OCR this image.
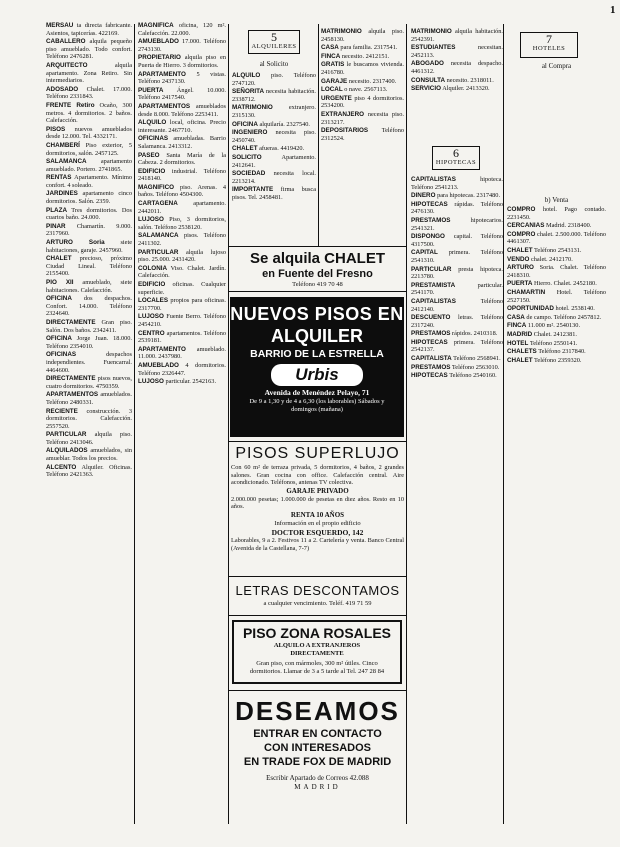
1

MERSAU ta directa fabricante. Asientos, tapicerías. 422169.

CABALLERO alquila pequeño piso amueblado. Todo confort. Teléfono 2476281.

ARQUITECTO	alquila apartamento. Zona Retiro. Sin intermediarios.

ADOSADO Chalet. 17.000. Teléfono 2331843.

FRENTE Retiro Ocaño, 300 metros. 4 dormitorios. 2 baños. Calefacción.

PISOS nuevos amueblados desde 12.000. Tel. 4332171.

CHAMBERÍ Piso exterior, 5 dormitorios, salón. 2457125.

SALAMANCA apartamento amueblado. Portero. 2741865.

RENTAS Apartamento. Mínimo confort. 4 soleado.

JARDINES apartamento cinco dormitorios. Salón. 2359.

PLAZA Tres dormitorios. Dos cuartos baño. 24.000.

PINAR Chamartín. 9.000. 2317960.

ARTURO Soria	siete habitaciones, garaje. 2457960.

CHALET precioso, próximo Ciudad Lineal. Teléfono 2155400.

PIO XII amueblado, siete habitaciones. Calefacción.

OFICINA dos despachos. Confort. 14.000. Teléfono 2324640.

DIRECTAMENTE Gran piso. Salón. Dos baños. 2342411.

OFICINA Jorge Juan. 18.000. Teléfono 2354010.

OFICINAS	despachos independientes. Fuencarral. 4464600.

DIRECTAMENTE pisos nuevos, cuatro dormitorios. 4750359.

APARTAMENTOS amueblados. Teléfono 2480331.

RECIENTE construcción. 3 dormitorios. Calefacción. 2557520.

PARTICULAR alquila piso. Teléfono 2413046.

ALQUILADOS amueblados, sin amueblar. Todos los precios.

ALCENTO Alquiler. Oficinas. Teléfono 2421363.

MAGNIFICA oficina, 120 m². Calefacción. 22.000.

AMUEBLADO 17.000. Teléfono 2743130.

PROPIETARIO alquila piso en Puerta de Hierro. 3 dormitorios.

APARTAMENTO 5 vistas. Teléfono 2437130.

PUERTA Ángel. 10.000. Teléfono 2417540.

APARTAMENTOS amueblados desde 8.000. Teléfono 2253411.

ALQUILO local, oficina. Precio interesante. 2467710.

OFICINAS amuebladas. Barrio Salamanca. 2413312.

PASEO Santa María de la Cabeza. 2 dormitorios.

EDIFICIO industrial. Teléfono 2418140.

MAGNIFICO piso. Arenas. 4 baños. Teléfono 4504300.

CARTAGENA apartamento. 2442011.

LUJOSO Piso, 3 dormitorios, salón. Teléfono 2538120.

SALAMANCA pisos. Teléfono 2411302.

PARTICULAR alquila lujoso piso. 25.000. 2431420.

COLONIA Viso. Chalet. Jardín. Calefacción.

EDIFICIO oficinas. Cualquier superficie.

LOCALES propios para oficinas. 2317700.

LUJOSO Fuente Berro. Teléfono 2454210.

CENTRO apartamentos. Teléfono 2539181.

APARTAMENTO amueblado. 11.000. 2437980.

AMUEBLADO 4 dormitorios. Teléfono 2326447.

LUJOSO particular. 2542163.

5
ALQUILERES
al Solicito

ALQUILO piso. Teléfono 2747120.

SEÑORITA necesita habitación. 2338712.

MATRIMONIO	extranjero. 2315130.

OFICINA alquilaría. 2327540.

INGENIERO necesita piso. 2450740.

CHALET afueras. 4419420.

SOLICITO	Apartamento. 2412641.

SOCIEDAD necesita local. 2213214.

IMPORTANTE firma busca pisos. Tel. 2458481.

MATRIMONIO alquila piso. 2458130.

CASA para familia. 2317541.

FINCA necesito. 2412151.

GRATIS le buscamos vivienda. 2416780.

GARAJE necesito. 2317400.

LOCAL o nave. 2567113.

URGENTE piso 4 dormitorios. 2534200.

EXTRANJERO necesita piso. 2313217.

DEPOSITARIOS Teléfono 2312524.

MATRIMONIO alquila habitación. 2542391.

ESTUDIANTES	necesitan. 2452113.

ABOGADO necesita despacho. 4461312.

CONSULTA necesito. 2318011.

SERVICIO Alquiler. 2413320.

6
HIPOTECAS

CAPITALISTAS	hipoteca. Teléfono 2541213.

DINERO para hipotecas. 2317480.

HIPOTECAS rápidas. Teléfono 2476130.

PRESTAMOS	hipotecarios. 2541321.

DISPONGO capital. Teléfono 4317500.

CAPITAL primera. Teléfono 2541310.

PARTICULAR presta hipoteca. 2213780.

PRESTAMISTA	particular. 2541170.

CAPITALISTAS	Teléfono 2412140.

DESCUENTO letras. Teléfono 2317240.

PRESTAMOS rápidos. 2410318.

HIPOTECAS primera. Teléfono 2542137.

CAPITALISTA Teléfono 2568941.

PRESTAMOS Teléfono 2563010.

HIPOTECAS Teléfono 2540160.

7
HOTELES
al Compra
b) Venta

COMPRO hotel. Pago contado. 2231450.

CERCANIAS Madrid. 2318400.

COMPRO chalet. 2.500.000. Teléfono 4461307.

CHALET Teléfono 2543131.

VENDO chalet. 2412170.

ARTURO Soria. Chalet. Teléfono 2418310.

PUERTA Hierro. Chalet. 2452180.

CHAMARTIN Hotel. Teléfono 2527150.

OPORTUNIDAD hotel. 2538140.

CASA de campo. Teléfono 2457812.

FINCA 11.000 m². 2540130.

MADRID Chalet. 2412381.

HOTEL Teléfono 2550141.

CHALETS Teléfono 2317840.

CHALET Teléfono 2359320.

Se alquila CHALET
en Fuente del Fresno
Teléfono 419 70 48
NUEVOS PISOS EN
ALQUILER
BARRIO DE LA ESTRELLA
Urbis
Avenida de Menéndez Pelayo, 71
De 9 a 1,30 y de 4 a 6,30 (los laborables) Sábados y domingos (mañana)
PISOS SUPERLUJO
Con 60 m² de terraza privada, 5 dormitorios, 4 baños, 2 grandes salones. Gran cocina con office. Calefacción central. Aire acondicionado. Teléfonos, antenas TV colectiva.
GARAJE PRIVADO
2.000.000 pesetas; 1.000.000 de pesetas en diez años. Resto en 10 años.
RENTA 10 AÑOS
Información en el propio edificio
DOCTOR ESQUERDO, 142
Laborables, 9 a 2. Festivos 11 a 2. Cartelería y venta. Banco Central (Avenida de la Castellana, 7-7)
LETRAS DESCONTAMOS
a cualquier vencimiento. Teléf. 419 71 59
PISO ZONA ROSALES
ALQUILO A EXTRANJEROS DIRECTAMENTE
Gran piso, con mármoles, 300 m² útiles. Cinco dormitorios. Llamar de 3 a 5 tarde al Tel. 247 28 84
DESEAMOS
ENTRAR EN CONTACTO
CON INTERESADOS
EN TRADE FOX DE MADRID
Escribir Apartado de Correos 42.088
MADRID
